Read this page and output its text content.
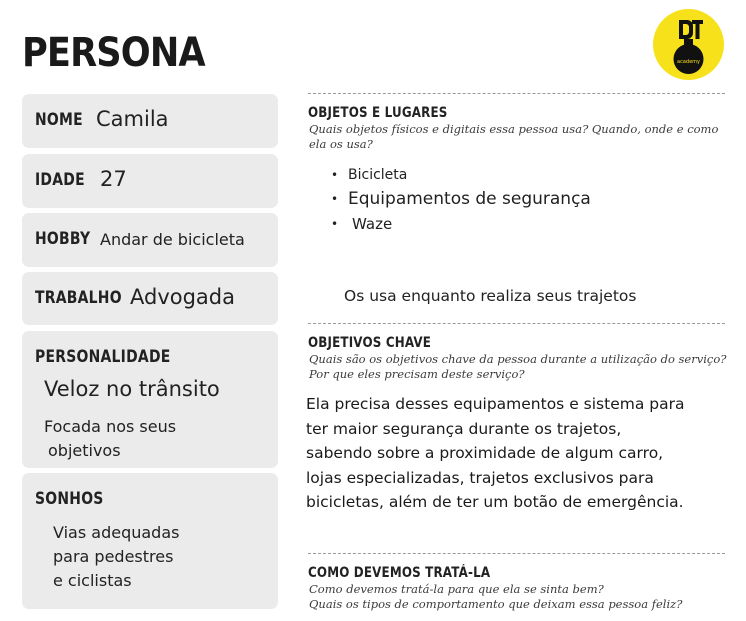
PERSONA	academy
NOME Camila
IDADE 27
HOBBY Andar de bicicleta
TRABALHO Advogada
PERSONALIDADE
Veloz no trânsito
Focada nos seus
objetivos
SONHOS
Vias adequadas
para pedestres
e ciclistas
OBJETOS E LUGARES
Quais objetos físicos e digitais essa pessoa usa? Quando, onde e como
ela os usa?
• Bicicleta
• Equipamentos de segurança
• Waze
Os usa enquanto realiza seus trajetos
OBJETIVOS CHAVE
Quais são os objetivos chave da pessoa durante a utilização do serviço?
Por que eles precisam deste serviço?
Ela precisa desses equipamentos e sistema para
ter maior segurança durante os trajetos,
sabendo sobre a proximidade de algum carro,
lojas especializadas, trajetos exclusivos para
bicicletas, além de ter um botão de emergência.
COMO DEVEMOS TRATÁ-LA
Como devemos tratá-la para que ela se sinta bem?
Quais os tipos de comportamento que deixam essa pessoa feliz?
